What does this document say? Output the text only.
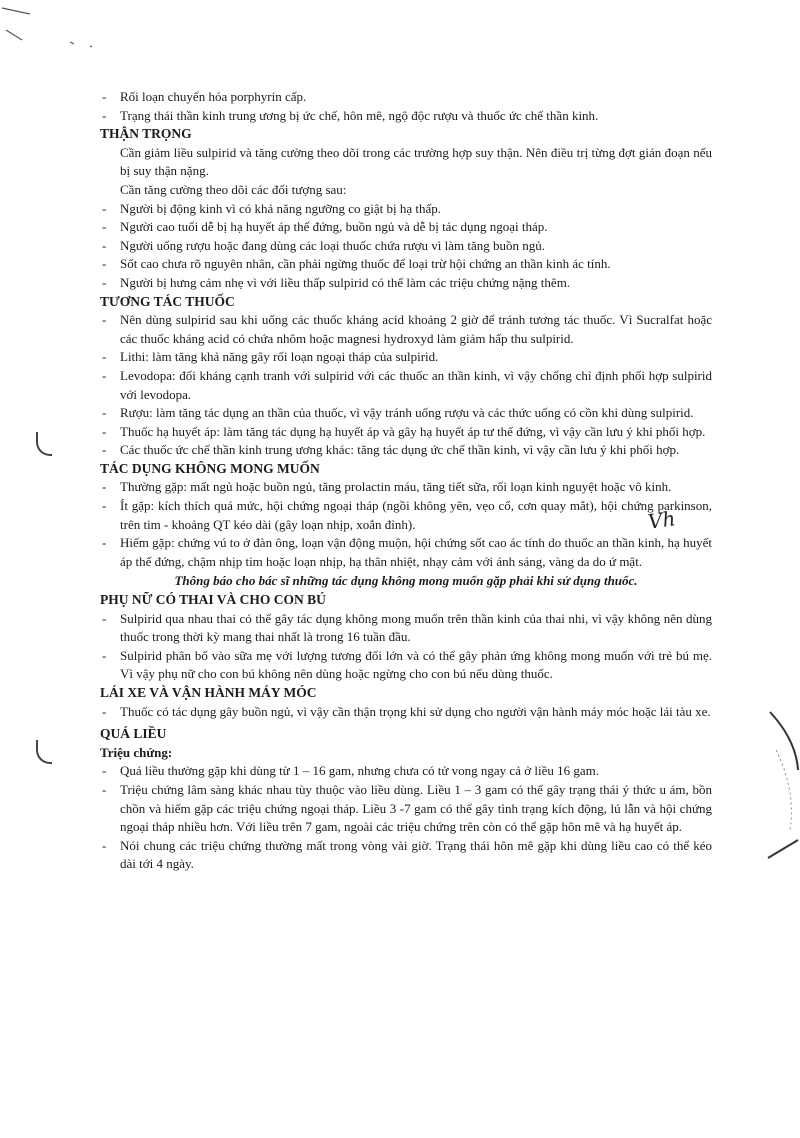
Vh

- Rối loạn chuyển hóa porphyrin cấp.

- Trạng thái thần kinh trung ương bị ức chế, hôn mê, ngộ độc rượu và thuốc ức chế thần kinh.

THẬN TRỌNG

Cần giảm liều sulpirid và tăng cường theo dõi trong các trường hợp suy thận. Nên điều trị từng đợt gián đoạn nếu bị suy thận nặng.

Cần tăng cường theo dõi các đối tượng sau:

- Người bị động kinh vì có khả năng ngưỡng co giật bị hạ thấp.

- Người cao tuổi dễ bị hạ huyết áp thế đứng, buồn ngủ và dễ bị tác dụng ngoại tháp.

- Người uống rượu hoặc đang dùng các loại thuốc chứa rượu vì làm tăng buồn ngủ.

- Sốt cao chưa rõ nguyên nhân, cần phải ngừng thuốc để loại trừ hội chứng an thần kinh ác tính.

- Người bị hưng cảm nhẹ vì với liều thấp sulpirid có thể làm các triệu chứng nặng thêm.

TƯƠNG TÁC THUỐC

- Nên dùng sulpirid sau khi uống các thuốc kháng acid khoảng 2 giờ để tránh tương tác thuốc. Vì Sucralfat hoặc các thuốc kháng acid có chứa nhôm hoặc magnesi hydroxyd làm giảm hấp thu sulpirid.

- Lithi: làm tăng khả năng gây rối loạn ngoại tháp của sulpirid.

- Levodopa: đối kháng cạnh tranh với sulpirid với các thuốc an thần kinh, vì vậy chống chỉ định phối hợp sulpirid với levodopa.

- Rượu: làm tăng tác dụng an thần của thuốc, vì vậy tránh uống rượu và các thức uống có cồn khi dùng sulpirid.

- Thuốc hạ huyết áp: làm tăng tác dụng hạ huyết áp và gây hạ huyết áp tư thế đứng, vì vậy cần lưu ý khi phối hợp.

- Các thuốc ức chế thần kinh trung ương khác: tăng tác dụng ức chế thần kinh, vì vậy cần lưu ý khi phối hợp.

TÁC DỤNG KHÔNG MONG MUỐN

- Thường gặp: mất ngủ hoặc buồn ngủ, tăng prolactin máu, tăng tiết sữa, rối loạn kinh nguyệt hoặc vô kinh.

- Ít gặp: kích thích quá mức, hội chứng ngoại tháp (ngồi không yên, vẹo cổ, cơn quay mắt), hội chứng parkinson, trên tim - khoảng QT kéo dài (gây loạn nhịp, xoắn đỉnh).

- Hiếm gặp: chứng vú to ở đàn ông, loạn vận động muộn, hội chứng sốt cao ác tính do thuốc an thần kinh, hạ huyết áp thế đứng, chậm nhịp tim hoặc loạn nhịp, hạ thân nhiệt, nhạy cảm với ánh sáng, vàng da do ứ mật.

Thông báo cho bác sĩ những tác dụng không mong muốn gặp phải khi sử dụng thuốc.

PHỤ NỮ CÓ THAI VÀ CHO CON BÚ

- Sulpirid qua nhau thai có thể gây tác dụng không mong muốn trên thần kinh của thai nhi, vì vậy không nên dùng thuốc trong thời kỳ mang thai nhất là trong 16 tuần đầu.

- Sulpirid phân bố vào sữa mẹ với lượng tương đối lớn và có thể gây phản ứng không mong muốn với trẻ bú mẹ. Vì vậy phụ nữ cho con bú không nên dùng hoặc ngừng cho con bú nếu dùng thuốc.

LÁI XE VÀ VẬN HÀNH MÁY MÓC

- Thuốc có tác dụng gây buồn ngủ, vì vậy cần thận trọng khi sử dụng cho người vận hành máy móc hoặc lái tàu xe.

QUÁ LIỀU
Triệu chứng:

- Quá liều thường gặp khi dùng từ 1 – 16 gam, nhưng chưa có tử vong ngay cả ở liều 16 gam.

- Triệu chứng lâm sàng khác nhau tùy thuộc vào liều dùng. Liều 1 – 3 gam có thể gây trạng thái ý thức u ám, bồn chồn và hiếm gặp các triệu chứng ngoại tháp. Liều 3 -7 gam có thể gây tình trạng kích động, lú lẫn và hội chứng ngoại tháp nhiều hơn. Với liều trên 7 gam, ngoài các triệu chứng trên còn có thể gặp hôn mê và hạ huyết áp.

- Nói chung các triệu chứng thường mất trong vòng vài giờ. Trạng thái hôn mê gặp khi dùng liều cao có thể kéo dài tới 4 ngày.
